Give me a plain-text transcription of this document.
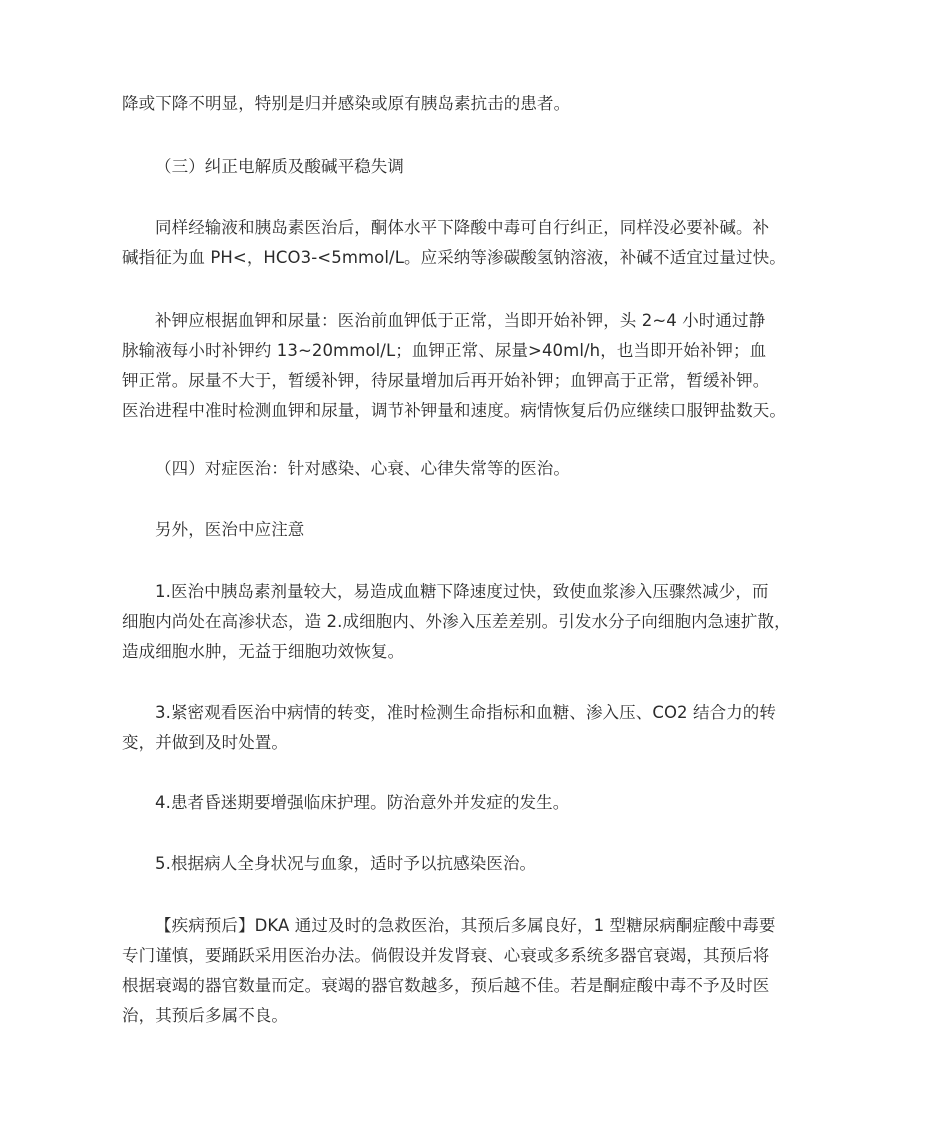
降或下降不明显，特别是归并感染或原有胰岛素抗击的患者。

（三）纠正电解质及酸碱平稳失调

同样经输液和胰岛素医治后，酮体水平下降酸中毒可自行纠正，同样没必要补碱。补
碱指征为血 PH<，HCO3-<5mmol/L。应采纳等渗碳酸氢钠溶液，补碱不适宜过量过快。

补钾应根据血钾和尿量：医治前血钾低于正常，当即开始补钾，头 2~4 小时通过静
脉输液每小时补钾约 13~20mmol/L；血钾正常、尿量>40ml/h，也当即开始补钾；血
钾正常。尿量不大于，暂缓补钾，待尿量增加后再开始补钾；血钾高于正常，暂缓补钾。
医治进程中准时检测血钾和尿量，调节补钾量和速度。病情恢复后仍应继续口服钾盐数天。

（四）对症医治：针对感染、心衰、心律失常等的医治。

另外，医治中应注意

1.医治中胰岛素剂量较大，易造成血糖下降速度过快，致使血浆渗入压骤然减少，而
细胞内尚处在高渗状态，造 2.成细胞内、外渗入压差差别。引发水分子向细胞内急速扩散，
造成细胞水肿，无益于细胞功效恢复。

3.紧密观看医治中病情的转变，准时检测生命指标和血糖、渗入压、CO2 结合力的转
变，并做到及时处置。

4.患者昏迷期要增强临床护理。防治意外并发症的发生。

5.根据病人全身状况与血象，适时予以抗感染医治。

【疾病预后】DKA 通过及时的急救医治，其预后多属良好，1 型糖尿病酮症酸中毒要
专门谨慎，要踊跃采用医治办法。倘假设并发肾衰、心衰或多系统多器官衰竭，其预后将
根据衰竭的器官数量而定。衰竭的器官数越多，预后越不佳。若是酮症酸中毒不予及时医
治，其预后多属不良。
